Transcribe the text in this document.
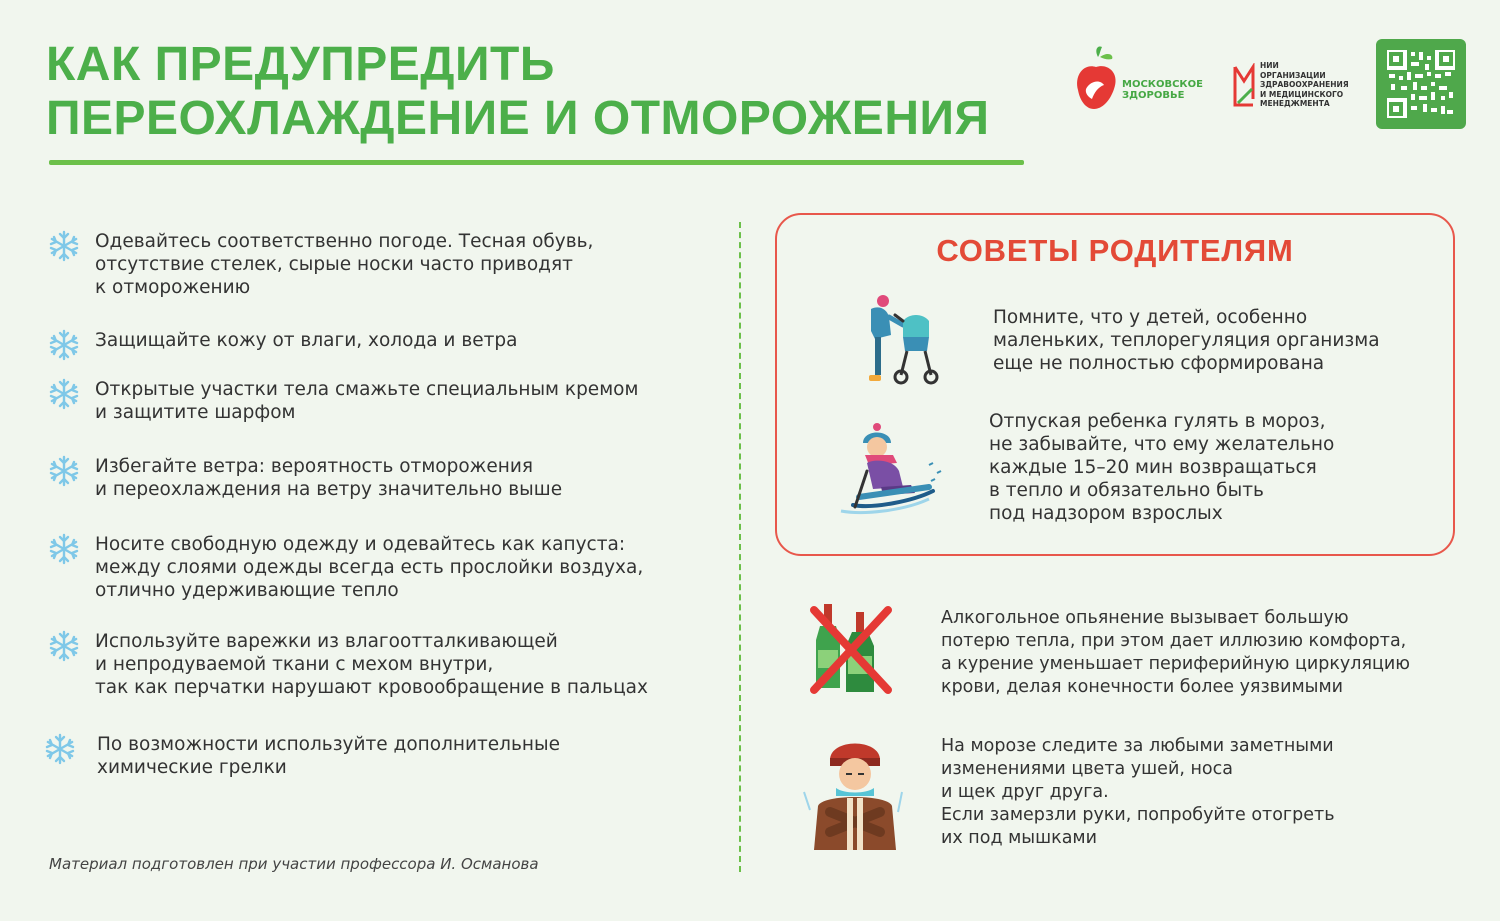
КАК ПРЕДУПРЕДИТЬ
ПЕРЕОХЛАЖДЕНИЕ И ОТМОРОЖЕНИЯ
МОСКОВСКОЕ
ЗДОРОВЬЕ
НИИ
ОРГАНИЗАЦИИ
ЗДРАВООХРАНЕНИЯ
И МЕДИЦИНСКОГО
МЕНЕДЖМЕНТА
Одевайтесь соответственно погоде. Тесная обувь,
отсутствие стелек, сырые носки часто приводят
к отморожению
Защищайте кожу от влаги, холода и ветра
Открытые участки тела смажьте специальным кремом
и защитите шарфом
Избегайте ветра: вероятность отморожения
и переохлаждения на ветру значительно выше
Носите свободную одежду и одевайтесь как капуста:
между слоями одежды всегда есть прослойки воздуха,
отлично удерживающие тепло
Используйте варежки из влагоотталкивающей
и непродуваемой ткани с мехом внутри,
так как перчатки нарушают кровообращение в пальцах
По возможности используйте дополнительные
химические грелки
Материал подготовлен при участии профессора И. Османова
СОВЕТЫ РОДИТЕЛЯМ
Помните, что у детей, особенно
маленьких, теплорегуляция организма
еще не полностью сформирована
Отпуская ребенка гулять в мороз,
не забывайте, что ему желательно
каждые 15–20 мин возвращаться
в тепло и обязательно быть
под надзором взрослых
Алкогольное опьянение вызывает большую
потерю тепла, при этом дает иллюзию комфорта,
а курение уменьшает периферийную циркуляцию
крови, делая конечности более уязвимыми
На морозе следите за любыми заметными
изменениями цвета ушей, носа
и щек друг друга.
Если замерзли руки, попробуйте отогреть
их под мышками
